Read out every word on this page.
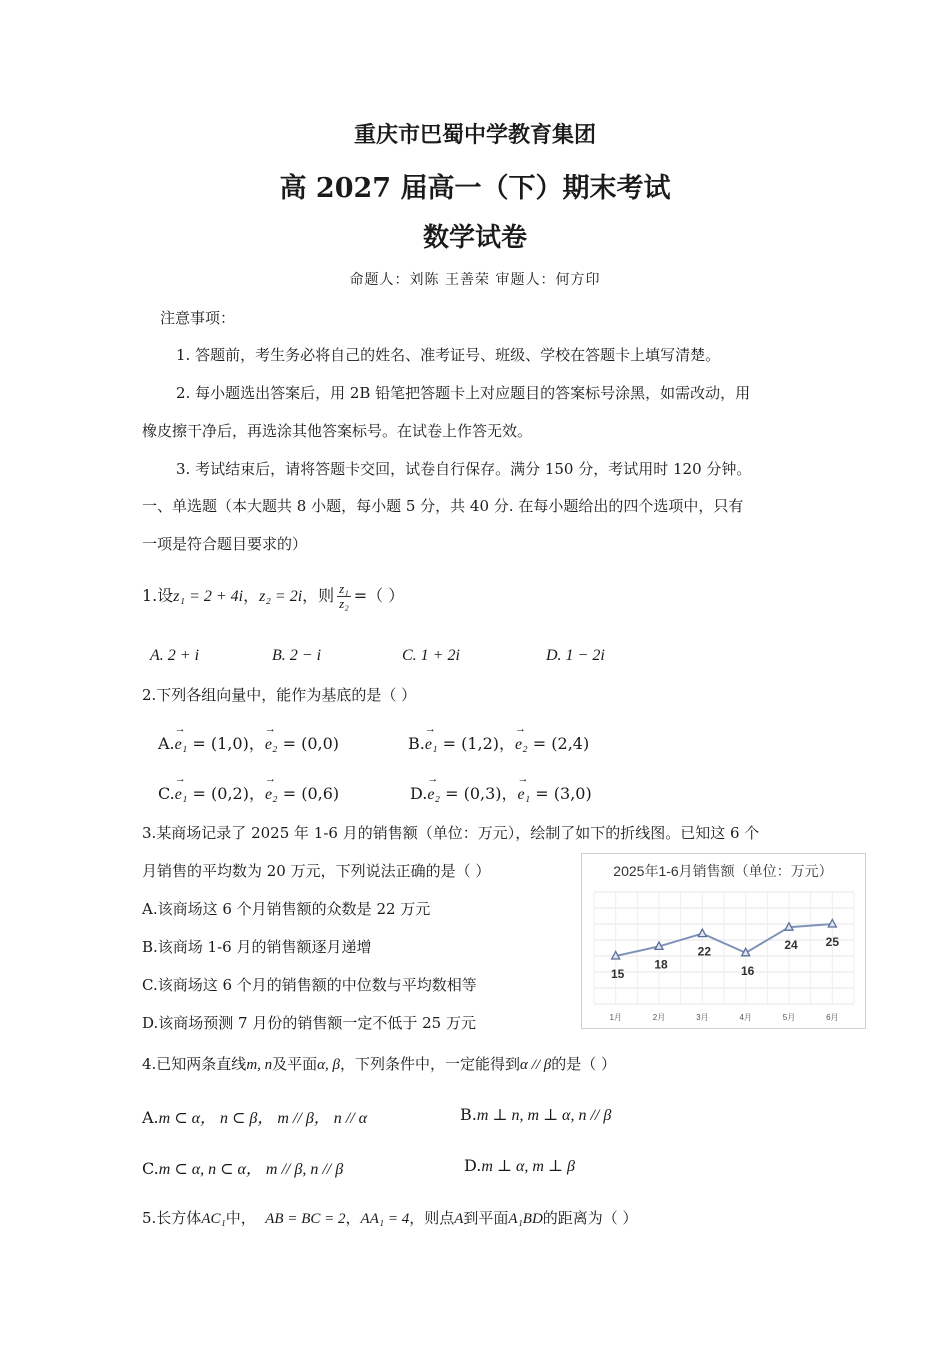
重庆市巴蜀中学教育集团
高 2027 届高一（下）期末考试
数学试卷
命题人：刘陈 王善荣 审题人：何方印
注意事项：
1. 答题前，考生务必将自己的姓名、准考证号、班级、学校在答题卡上填写清楚。
2. 每小题选出答案后，用 2B 铅笔把答题卡上对应题目的答案标号涂黑，如需改动，用
橡皮擦干净后，再选涂其他答案标号。在试卷上作答无效。
3. 考试结束后，请将答题卡交回，试卷自行保存。满分 150 分，考试用时 120 分钟。
一、单选题（本大题共 8 小题，每小题 5 分，共 40 分. 在每小题给出的四个选项中，只有
一项是符合题目要求的）
1.设z₁ = 2 + 4i，z₂ = 2i，则 $\frac{\text{z₁}}{\text{z₂}}$ =（ ）
A. 2 + i	B. 2 − i	C. 1 + 2i	D. 1 − 2i
2.下列各组向量中，能作为基底的是（ ）
A.→ e₁ = (1,0)，→ e₂ = (0,0)	B.→ e₁ = (1,2)，→ e₂ = (2,4)
C.→ e₁ = (0,2)，→ e₂ = (0,6)	D.→ e₂ = (0,3)，→ e₁ = (3,0)
3.某商场记录了 2025 年 1-6 月的销售额（单位：万元），绘制了如下的折线图。已知这 6 个
月销售的平均数为 20 万元，下列说法正确的是（ ）
A.该商场这 6 个月销售额的众数是 22 万元
B.该商场 1-6 月的销售额逐月递增
C.该商场这 6 个月的销售额的中位数与平均数相等
D.该商场预测 7 月份的销售额一定不低于 25 万元
2025年1-6月销售额（单位：万元）
15
18
22
16
24 25
1月	2月	3月	4月	5月	6月
4.已知两条直线m, n及平面α, β，下列条件中，一定能得到α // β的是（ ）
A.m ⊂ α， n ⊂ β， m // β， n // α	B.m ⊥ n, m ⊥ α, n // β
C.m ⊂ α, n ⊂ α， m // β, n // β	D.m ⊥ α, m ⊥ β
5.长方体AC₁中， AB = BC = 2，AA₁ = 4，则点A到平面A₁BD的距离为（ ）
